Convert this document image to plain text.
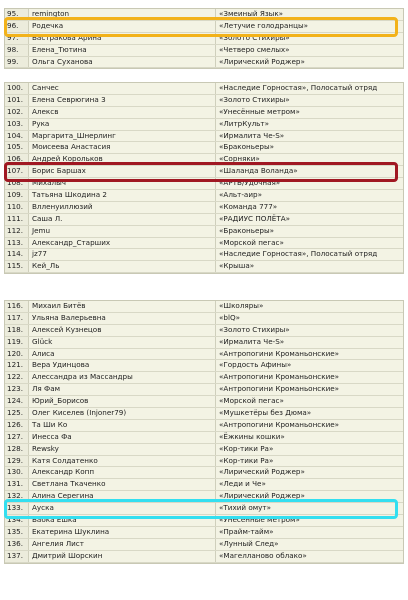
95.	remington	«Змеиный Язык»
96.	Родечка	«Летучие голодранцы»
97.	Бастракова Арина	«Золото Стихиры»
98.	Елена_Тютина	«Четверо смелых»
99.	Ольга Суханова	«Лирический Роджер»
100.	Санчес	«Наследие Горностая», Полосатый отряд
101.	Елена Севрюгина 3	«Золото Стихиры»
102.	Алексв	«Унесённые метром»
103.	Рука	«ЛитрКульт»
104.	Маргарита_Шнерлинг	«Ирмалита Че-S»
105.	Моисеева Анастасия	«Браконьеры»
106.	Андрей Корольков	«Сорняки»
107.	Борис Баршах	«Шаланда Воланда»
108.	Михалыч	«АРТЬ/Удочная»
109.	Татьяна Шкодина 2	«Альт-аир»
110.	Влленуиллюзий	«Команда 777»
111.	Саша Л.	«РАДИУС ПОЛЁТА»
112.	Jemu	«Браконьеры»
113.	Александр_Старших	«Морской пегас»
114.	jz77	«Наследие Горностая», Полосатый отряд
115.	Кей_Ль	«Крыша»
116.	Михаил Битёв	«Школяры»
117.	Ульяна Валерьевна	«blQ»
118.	Алексей Кузнецов	«Золото Стихиры»
119.	Glück	«Ирмалита Че-S»
120.	Алиса	«Антропогини Кроманьонские»
121.	Вера Удинцова	«Гордость Афины»
122.	Алессандра из Массандры	«Антропогини Кроманьонские»
123.	Ля Фам	«Антропогини Кроманьонские»
124.	Юрий_Борисов	«Морской пегас»
125.	Олег Киселев (Injoner79)	«Мушкетёры без Дюма»
126.	Та Ши Ко	«Антропогини Кроманьонские»
127.	Инесса Фа	«Ёжкины кошки»
128.	Rewsky	«Кор-тики Ра»
129.	Катя Солдатенко	«Кор-тики Ра»
130.	Александр Копп	«Лирический Роджер»
131.	Светлана Ткаченко	«Леди и Че»
132.	Алина Серегина	«Лирический Роджер»
133.	Ауска	«Тихий омут»
134.	Бабка Ешка	«Унесённые метром»
135.	Екатерина Шуклина	«Прайм-тайм»
136.	Ангелия Лист	«Лунный След»
137.	Дмитрий Шорскин	«Магелланово облако»
